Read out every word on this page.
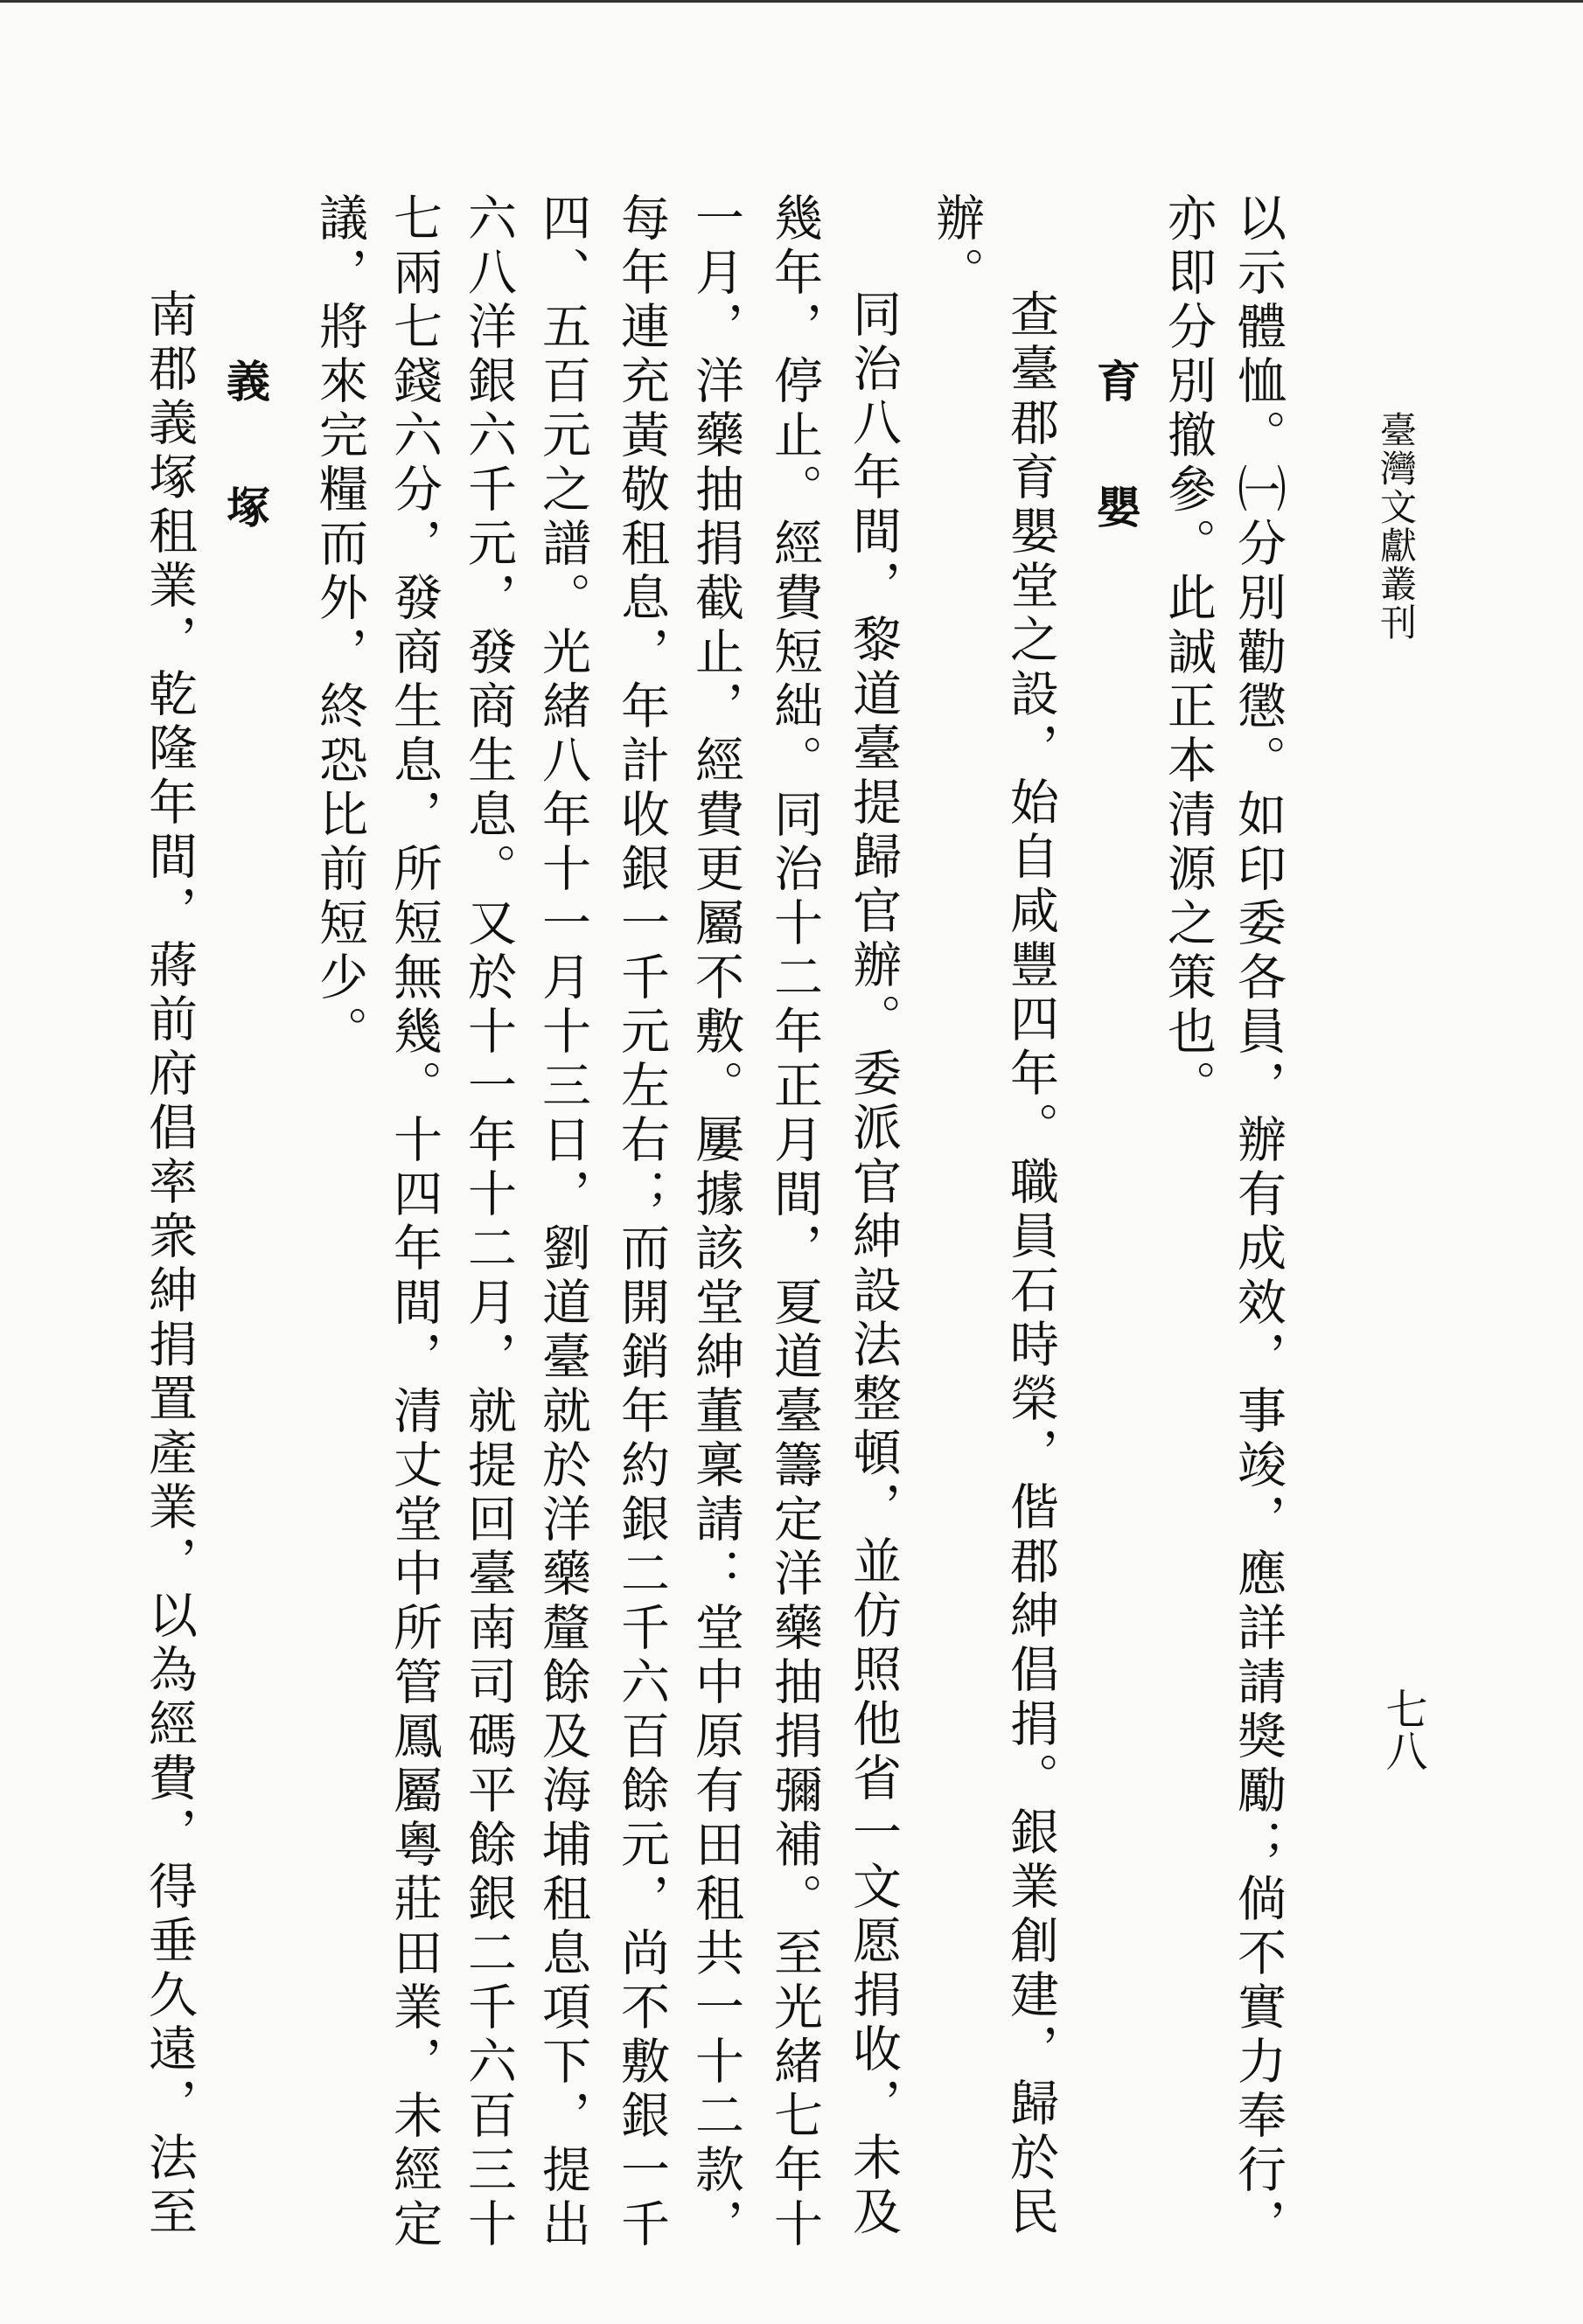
臺灣文獻叢刊
七八
以示體恤。㈠分別勸懲。如印委各員，辦有成效，事竣，應詳請獎勵；倘不實力奉行，
亦即分別撤參。此誠正本清源之策也。
育　嬰
查臺郡育嬰堂之設，始自咸豐四年。職員石時榮，偕郡紳倡捐。銀業創建，歸於民
辦。
同治八年間，黎道臺提歸官辦。委派官紳設法整頓，並仿照他省一文愿捐收，未及
幾年，停止。經費短絀。同治十二年正月間，夏道臺籌定洋藥抽捐彌補。至光緒七年十
一月，洋藥抽捐截止，經費更屬不敷。屢據該堂紳董稟請：堂中原有田租共一十二款，
每年連充黃敬租息，年計收銀一千元左右；而開銷年約銀二千六百餘元，尚不敷銀一千
四、五百元之譜。光緒八年十一月十三日，劉道臺就於洋藥釐餘及海埔租息項下，提出
六八洋銀六千元，發商生息。又於十一年十二月，就提回臺南司碼平餘銀二千六百三十
七兩七錢六分，發商生息，所短無幾。十四年間，清丈堂中所管鳳屬粵莊田業，未經定
議，將來完糧而外，終恐比前短少。
義　塚
南郡義塚租業，乾隆年間，蔣前府倡率衆紳捐置產業，以為經費，得垂久遠，法至
